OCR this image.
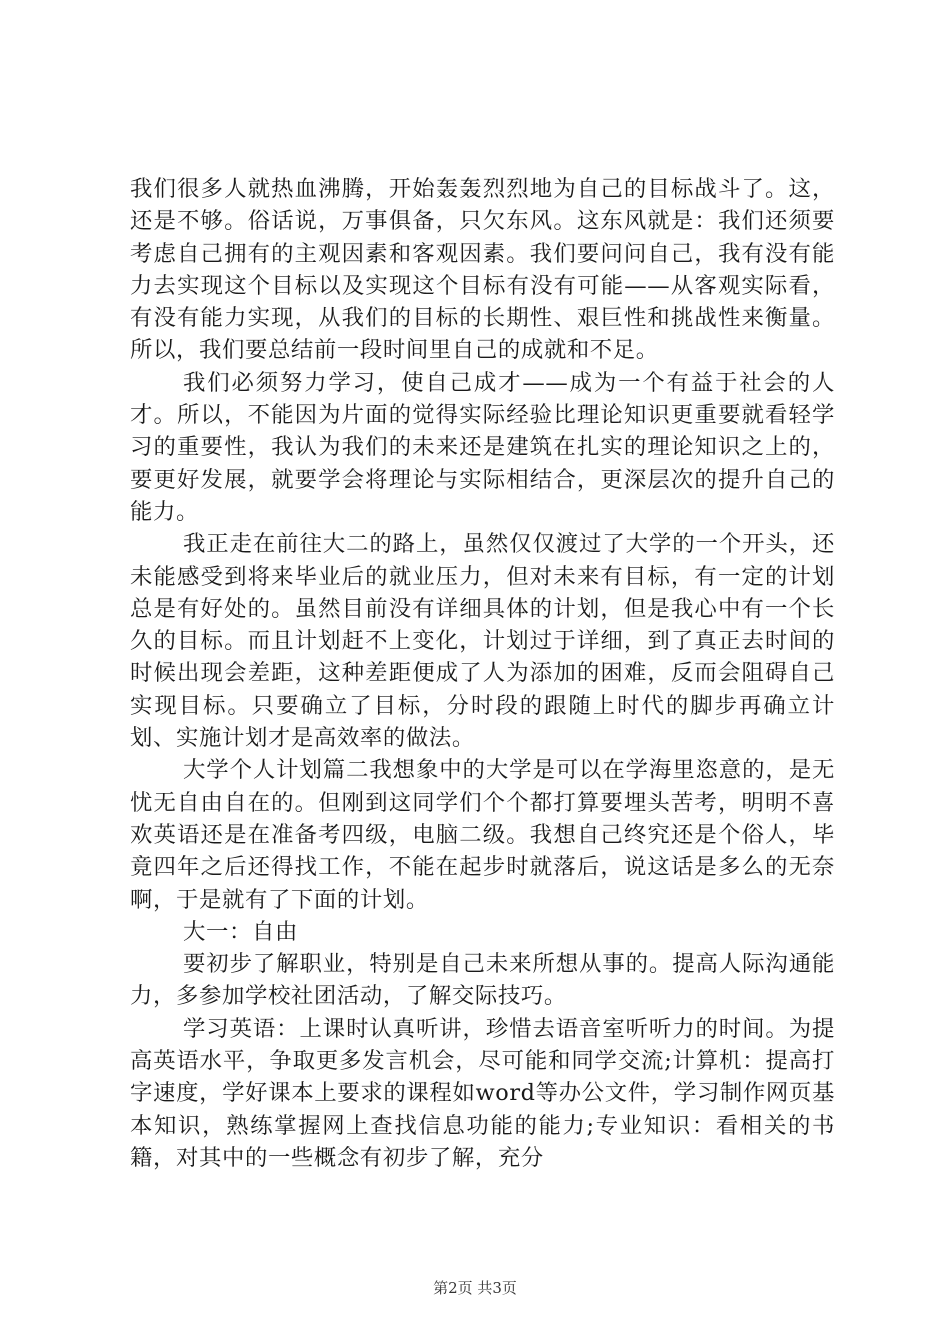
我们很多人就热血沸腾，开始轰轰烈烈地为自己的目标战斗了。这，还是不够。俗话说，万事俱备，只欠东风。这东风就是：我们还须要考虑自己拥有的主观因素和客观因素。我们要问问自己，我有没有能力去实现这个目标以及实现这个目标有没有可能——从客观实际看，有没有能力实现，从我们的目标的长期性、艰巨性和挑战性来衡量。所以，我们要总结前一段时间里自己的成就和不足。

我们必须努力学习，使自己成才——成为一个有益于社会的人才。所以，不能因为片面的觉得实际经验比理论知识更重要就看轻学习的重要性，我认为我们的未来还是建筑在扎实的理论知识之上的，要更好发展，就要学会将理论与实际相结合，更深层次的提升自己的能力。

我正走在前往大二的路上，虽然仅仅渡过了大学的一个开头，还未能感受到将来毕业后的就业压力，但对未来有目标，有一定的计划总是有好处的。虽然目前没有详细具体的计划，但是我心中有一个长久的目标。而且计划赶不上变化，计划过于详细，到了真正去时间的时候出现会差距，这种差距便成了人为添加的困难，反而会阻碍自己实现目标。只要确立了目标，分时段的跟随上时代的脚步再确立计划、实施计划才是高效率的做法。

大学个人计划篇二我想象中的大学是可以在学海里恣意的，是无忧无自由自在的。但刚到这同学们个个都打算要埋头苦考，明明不喜欢英语还是在准备考四级，电脑二级。我想自己终究还是个俗人，毕竟四年之后还得找工作，不能在起步时就落后，说这话是多么的无奈啊，于是就有了下面的计划。

大一：自由

要初步了解职业，特别是自己未来所想从事的。提高人际沟通能力，多参加学校社团活动，了解交际技巧。

学习英语：上课时认真听讲，珍惜去语音室听听力的时间。为提高英语水平，争取更多发言机会，尽可能和同学交流;计算机：提高打字速度，学好课本上要求的课程如word等办公文件，学习制作网页基本知识，熟练掌握网上查找信息功能的能力;专业知识：看相关的书籍，对其中的一些概念有初步了解，充分

第2页 共3页
